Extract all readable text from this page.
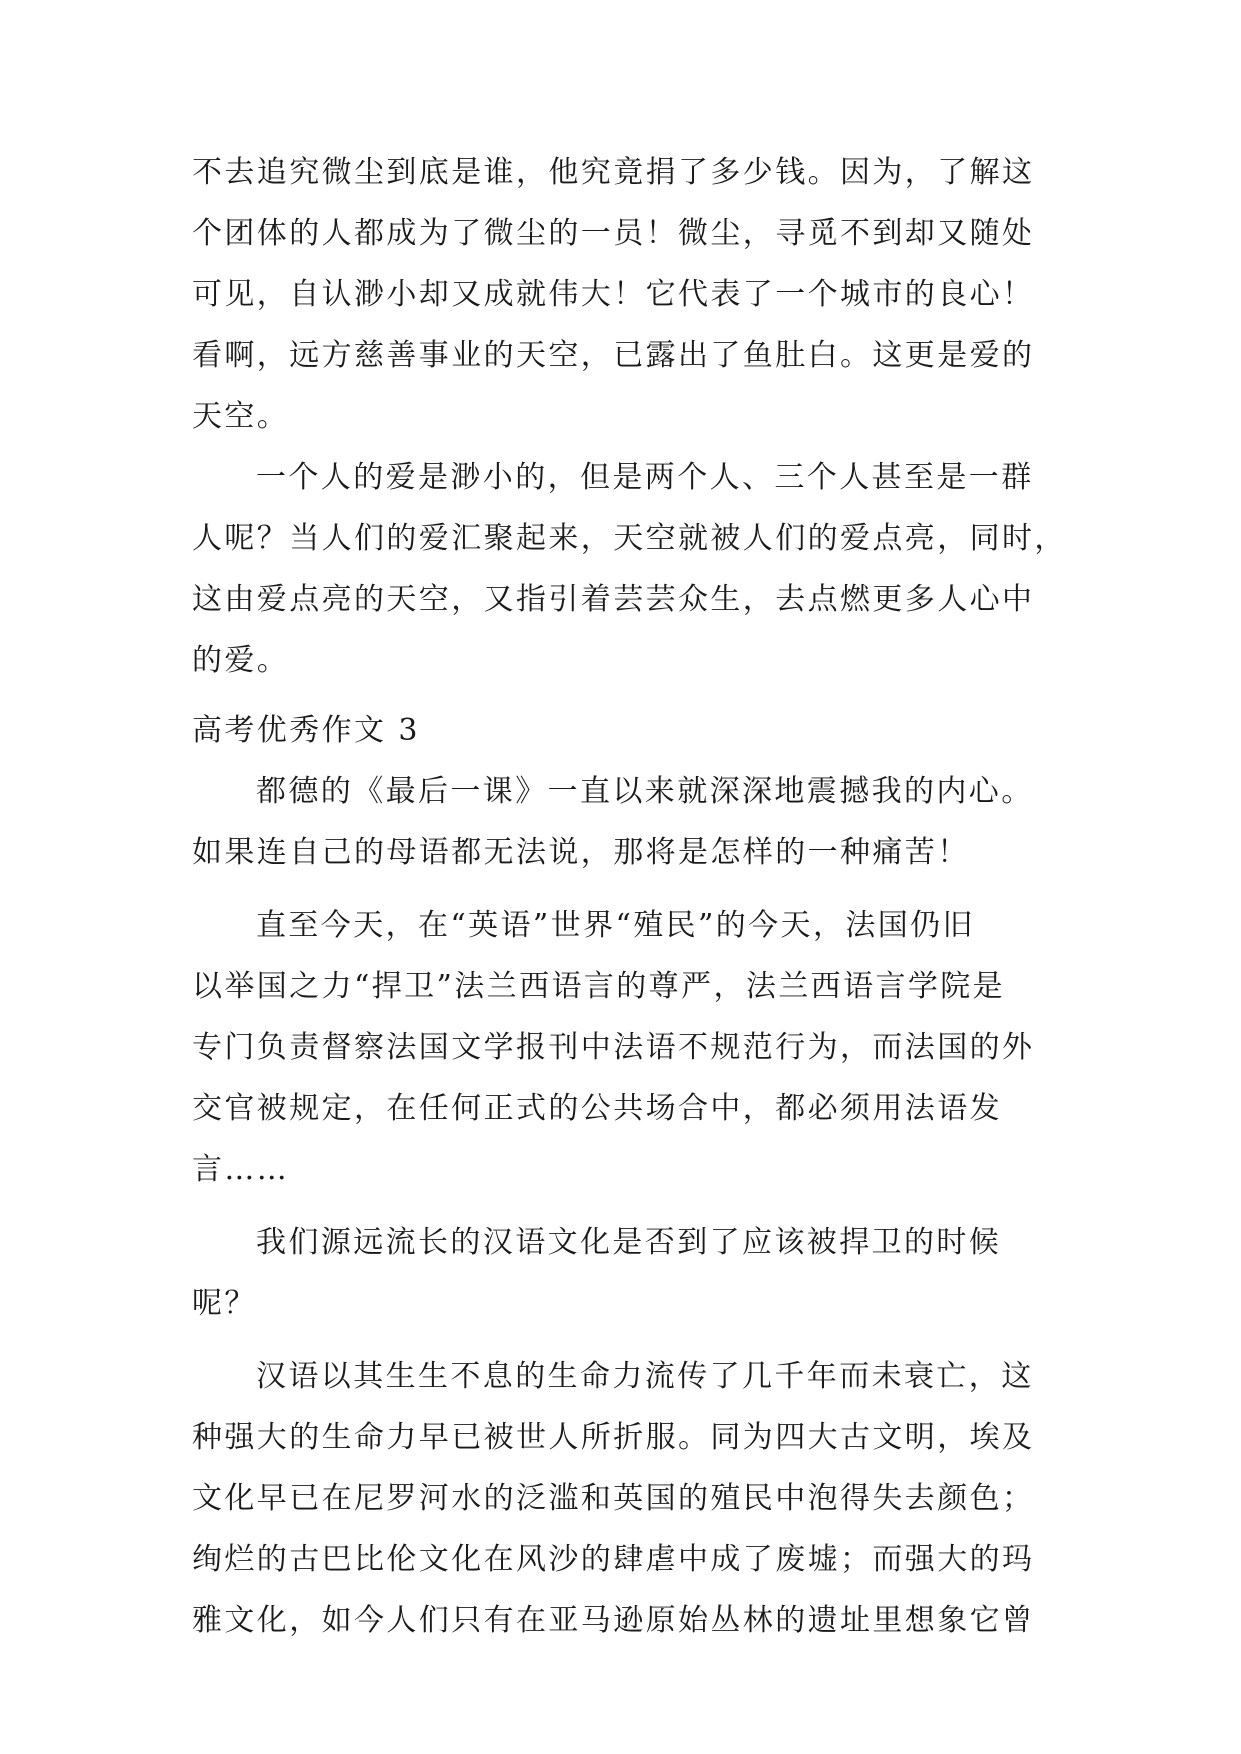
不去追究微尘到底是谁，他究竟捐了多少钱。因为，了解这
个团体的人都成为了微尘的一员！微尘，寻觅不到却又随处
可见，自认渺小却又成就伟大！它代表了一个城市的良心！
看啊，远方慈善事业的天空，已露出了鱼肚白。这更是爱的
天空。
一个人的爱是渺小的，但是两个人、三个人甚至是一群
人呢？当人们的爱汇聚起来，天空就被人们的爱点亮，同时，
这由爱点亮的天空，又指引着芸芸众生，去点燃更多人心中
的爱。
高考优秀作文 3
都德的《最后一课》一直以来就深深地震撼我的内心。
如果连自己的母语都无法说，那将是怎样的一种痛苦！
直至今天，在“英语”世界“殖民”的今天，法国仍旧
以举国之力“捍卫”法兰西语言的尊严，法兰西语言学院是
专门负责督察法国文学报刊中法语不规范行为，而法国的外
交官被规定，在任何正式的公共场合中，都必须用法语发
言……
我们源远流长的汉语文化是否到了应该被捍卫的时候
呢？
汉语以其生生不息的生命力流传了几千年而未衰亡，这
种强大的生命力早已被世人所折服。同为四大古文明，埃及
文化早已在尼罗河水的泛滥和英国的殖民中泡得失去颜色；
绚烂的古巴比伦文化在风沙的肆虐中成了废墟；而强大的玛
雅文化，如今人们只有在亚马逊原始丛林的遗址里想象它曾
